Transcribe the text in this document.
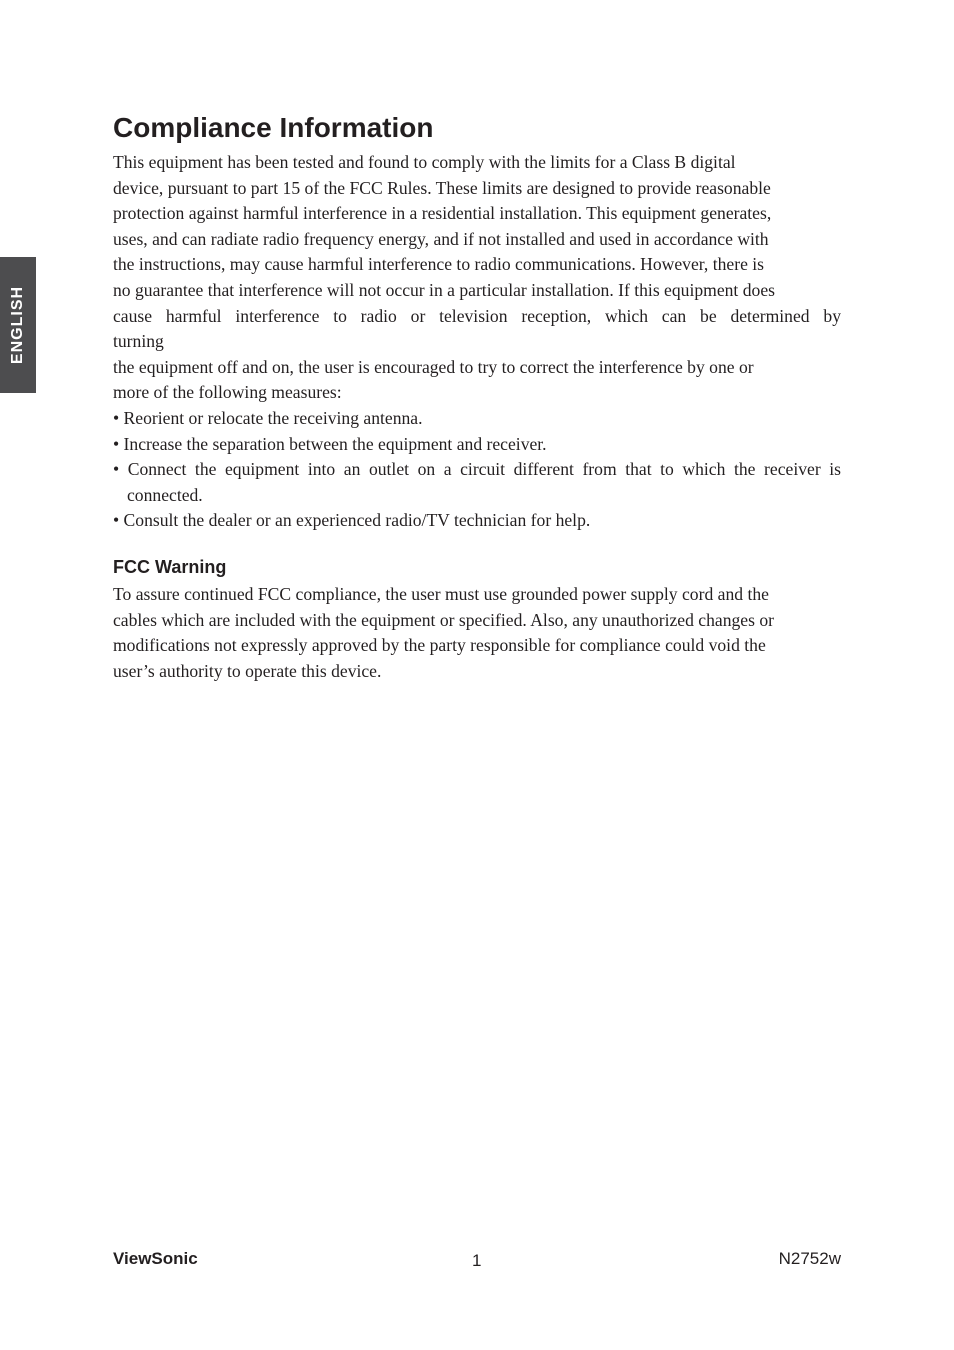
ENGLISH
Compliance Information

This equipment has been tested and found to comply with the limits for a Class B digital
device, pursuant to part 15 of the FCC Rules. These limits are designed to provide reasonable
protection against harmful interference in a residential installation. This equipment generates,
uses, and can radiate radio frequency energy, and if not installed and used in accordance with
the instructions, may cause harmful interference to radio communications. However, there is
no guarantee that interference will not occur in a particular installation. If this equipment does
cause harmful interference to radio or television reception, which can be determined by
turning
the equipment off and on, the user is encouraged to try to correct the interference by one or
more of the following measures:

• Reorient or relocate the receiving antenna.
• Increase the separation between the equipment and receiver.
• Connect the equipment into an outlet on a circuit different from that to which the receiver is
connected.
• Consult the dealer or an experienced radio/TV technician for help.
FCC Warning

To assure continued FCC compliance, the user must use grounded power supply cord and the
cables which are included with the equipment or specified. Also, any unauthorized changes or
modifications not expressly approved by the party responsible for compliance could void the
user’s authority to operate this device.

ViewSonic	1	N2752w
